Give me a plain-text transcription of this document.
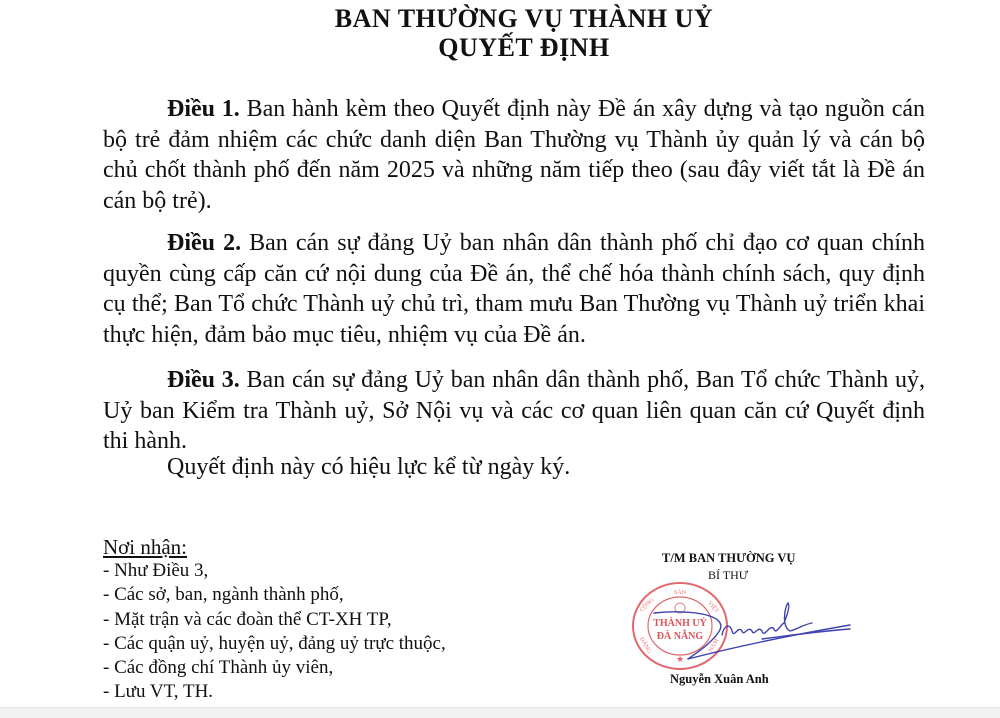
BAN THƯỜNG VỤ THÀNH UỶ
QUYẾT ĐỊNH

Điều 1. Ban hành kèm theo Quyết định này Đề án xây dựng và tạo nguồn cán bộ trẻ đảm nhiệm các chức danh diện Ban Thường vụ Thành ủy quản lý và cán bộ chủ chốt thành phố đến năm 2025 và những năm tiếp theo (sau đây viết tắt là Đề án cán bộ trẻ).

Điều 2. Ban cán sự đảng Uỷ ban nhân dân thành phố chỉ đạo cơ quan chính quyền cùng cấp căn cứ nội dung của Đề án, thể chế hóa thành chính sách, quy định cụ thể; Ban Tổ chức Thành uỷ chủ trì, tham mưu Ban Thường vụ Thành uỷ triển khai thực hiện, đảm bảo mục tiêu, nhiệm vụ của Đề án.

Điều 3. Ban cán sự đảng Uỷ ban nhân dân thành phố, Ban Tổ chức Thành uỷ, Uỷ ban Kiểm tra Thành uỷ, Sở Nội vụ và các cơ quan liên quan căn cứ Quyết định thi hành.

Quyết định này có hiệu lực kể từ ngày ký.

Nơi nhận:
- Như Điều 3,
- Các sở, ban, ngành thành phố,
- Mặt trận và các đoàn thể CT-XH TP,
- Các quận uỷ, huyện uỷ, đảng uỷ trực thuộc,
- Các đồng chí Thành ủy viên,
- Lưu VT, TH.
T/M BAN THƯỜNG VỤ
BÍ THƯ
SẢN
CỘNG	VIỆT
ĐẢNG	NAM
THÀNH UỶ
ĐÀ NẴNG
★
Nguyễn Xuân Anh
